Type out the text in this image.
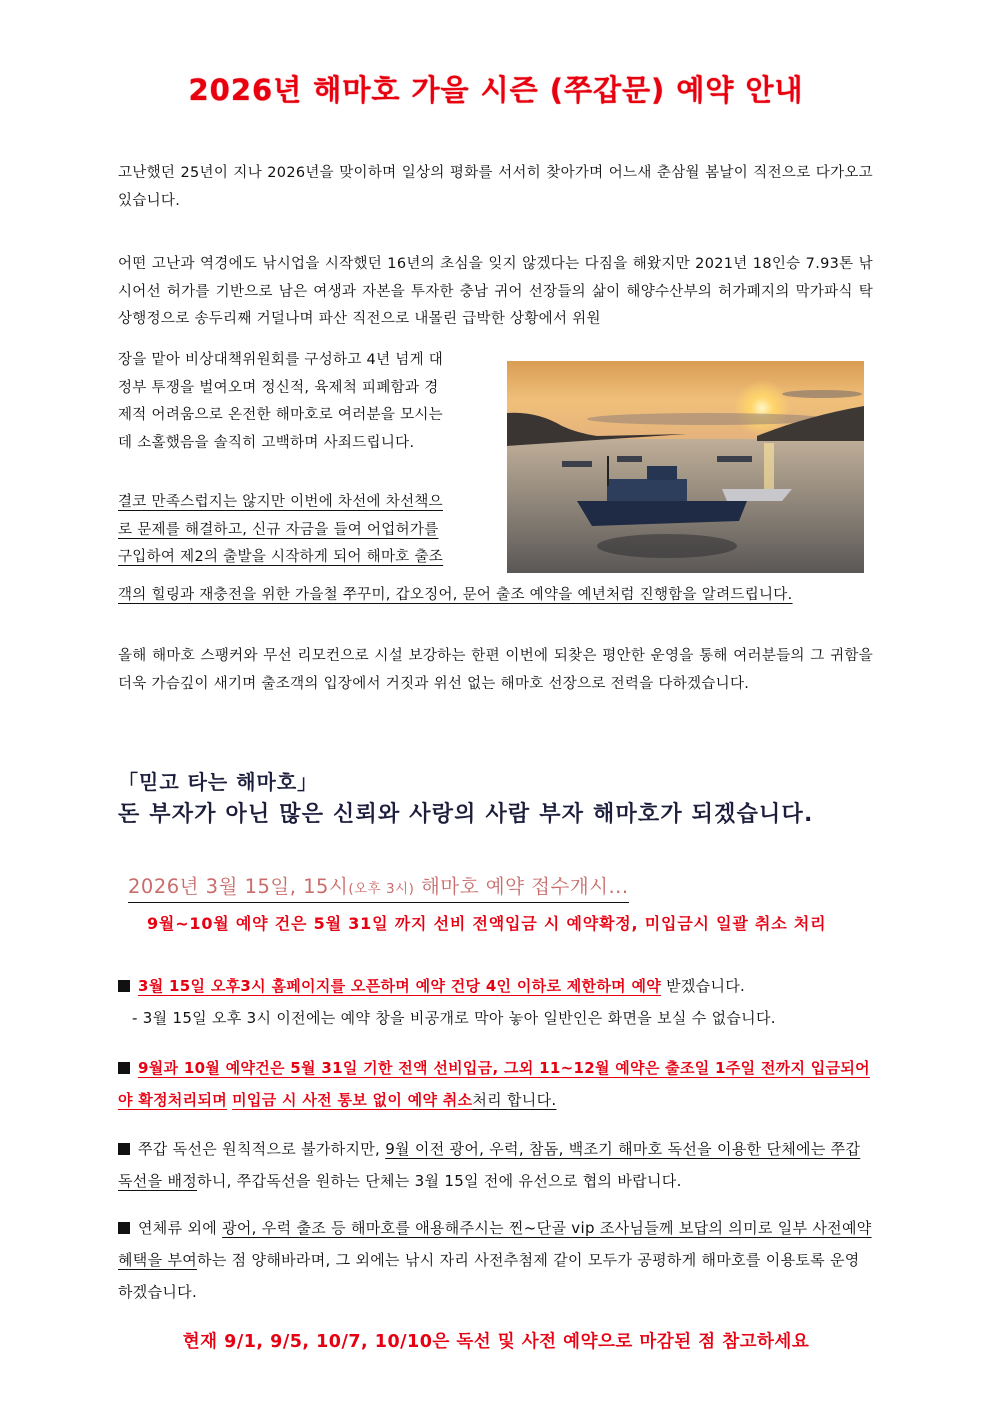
2026년 해마호 가을 시즌 (쭈갑문) 예약 안내
고난했던 25년이 지나 2026년을 맞이하며 일상의 평화를 서서히 찾아가며 어느새 춘삼월 봄날이 직전으로 다가오고 있습니다.
어떤 고난과 역경에도 낚시업을 시작했던 16년의 초심을 잊지 않겠다는 다짐을 해왔지만 2021년 18인승 7.93톤 낚시어선 허가를 기반으로 남은 여생과 자본을 투자한 충남 귀어 선장들의 삶이 해양수산부의 허가폐지의 막가파식 탁상행정으로 송두리째 거덜나며 파산 직전으로 내몰린 급박한 상황에서 위원
장을 맡아 비상대책위원회를 구성하고 4년 넘게 대
정부 투쟁을 벌여오며 정신적, 육제척 피폐함과 경
제적 어려움으로 온전한 해마호로 여러분을 모시는
데 소홀했음을 솔직히 고백하며 사죄드립니다.
결코 만족스럽지는 않지만 이번에 차선에 차선책으
로 문제를 해결하고, 신규 자금을 들여 어업허가를
구입하여 제2의 출발을 시작하게 되어 해마호 출조
객의 힐링과 재충전을 위한 가을철 쭈꾸미, 갑오징어, 문어 출조 예약을 예년처럼 진행함을 알려드립니다.
올해 해마호 스팽커와 무선 리모컨으로 시설 보강하는 한편 이번에 되찾은 평안한 운영을 통해 여러분들의 그 귀함을 더욱 가슴깊이 새기며 출조객의 입장에서 거짓과 위선 없는 해마호 선장으로 전력을 다하겠습니다.
「믿고 타는 해마호」
돈 부자가 아닌 많은 신뢰와 사랑의 사람 부자 해마호가 되겠습니다.
2026년 3월 15일, 15시(오후 3시) 해마호 예약 접수개시...
9월~10월 예약 건은 5월 31일 까지 선비 전액입금 시 예약확정, 미입금시 일괄 취소 처리
3월 15일 오후3시 홈페이지를 오픈하며 예약 건당 4인 이하로 제한하며 예약 받겠습니다.
- 3월 15일 오후 3시 이전에는 예약 창을 비공개로 막아 놓아 일반인은 화면을 보실 수 없습니다.
9월과 10월 예약건은 5월 31일 기한 전액 선비입금, 그외 11~12월 예약은 출조일 1주일 전까지 입금되어야 확정처리되며 미입금 시 사전 통보 없이 예약 취소처리 합니다.
쭈갑 독선은 원칙적으로 불가하지만, 9월 이전 광어, 우럭, 참돔, 백조기 해마호 독선을 이용한 단체에는 쭈갑독선을 배정하니, 쭈갑독선을 원하는 단체는 3월 15일 전에 유선으로 협의 바랍니다.
연체류 외에 광어, 우럭 출조 등 해마호를 애용해주시는 찐~단골 vip 조사님들께 보답의 의미로 일부 사전예약 혜택을 부여하는 점 양해바라며, 그 외에는 낚시 자리 사전추첨제 같이 모두가 공평하게 해마호를 이용토록 운영하겠습니다.
현재 9/1, 9/5, 10/7, 10/10은 독선 및 사전 예약으로 마감된 점 참고하세요
